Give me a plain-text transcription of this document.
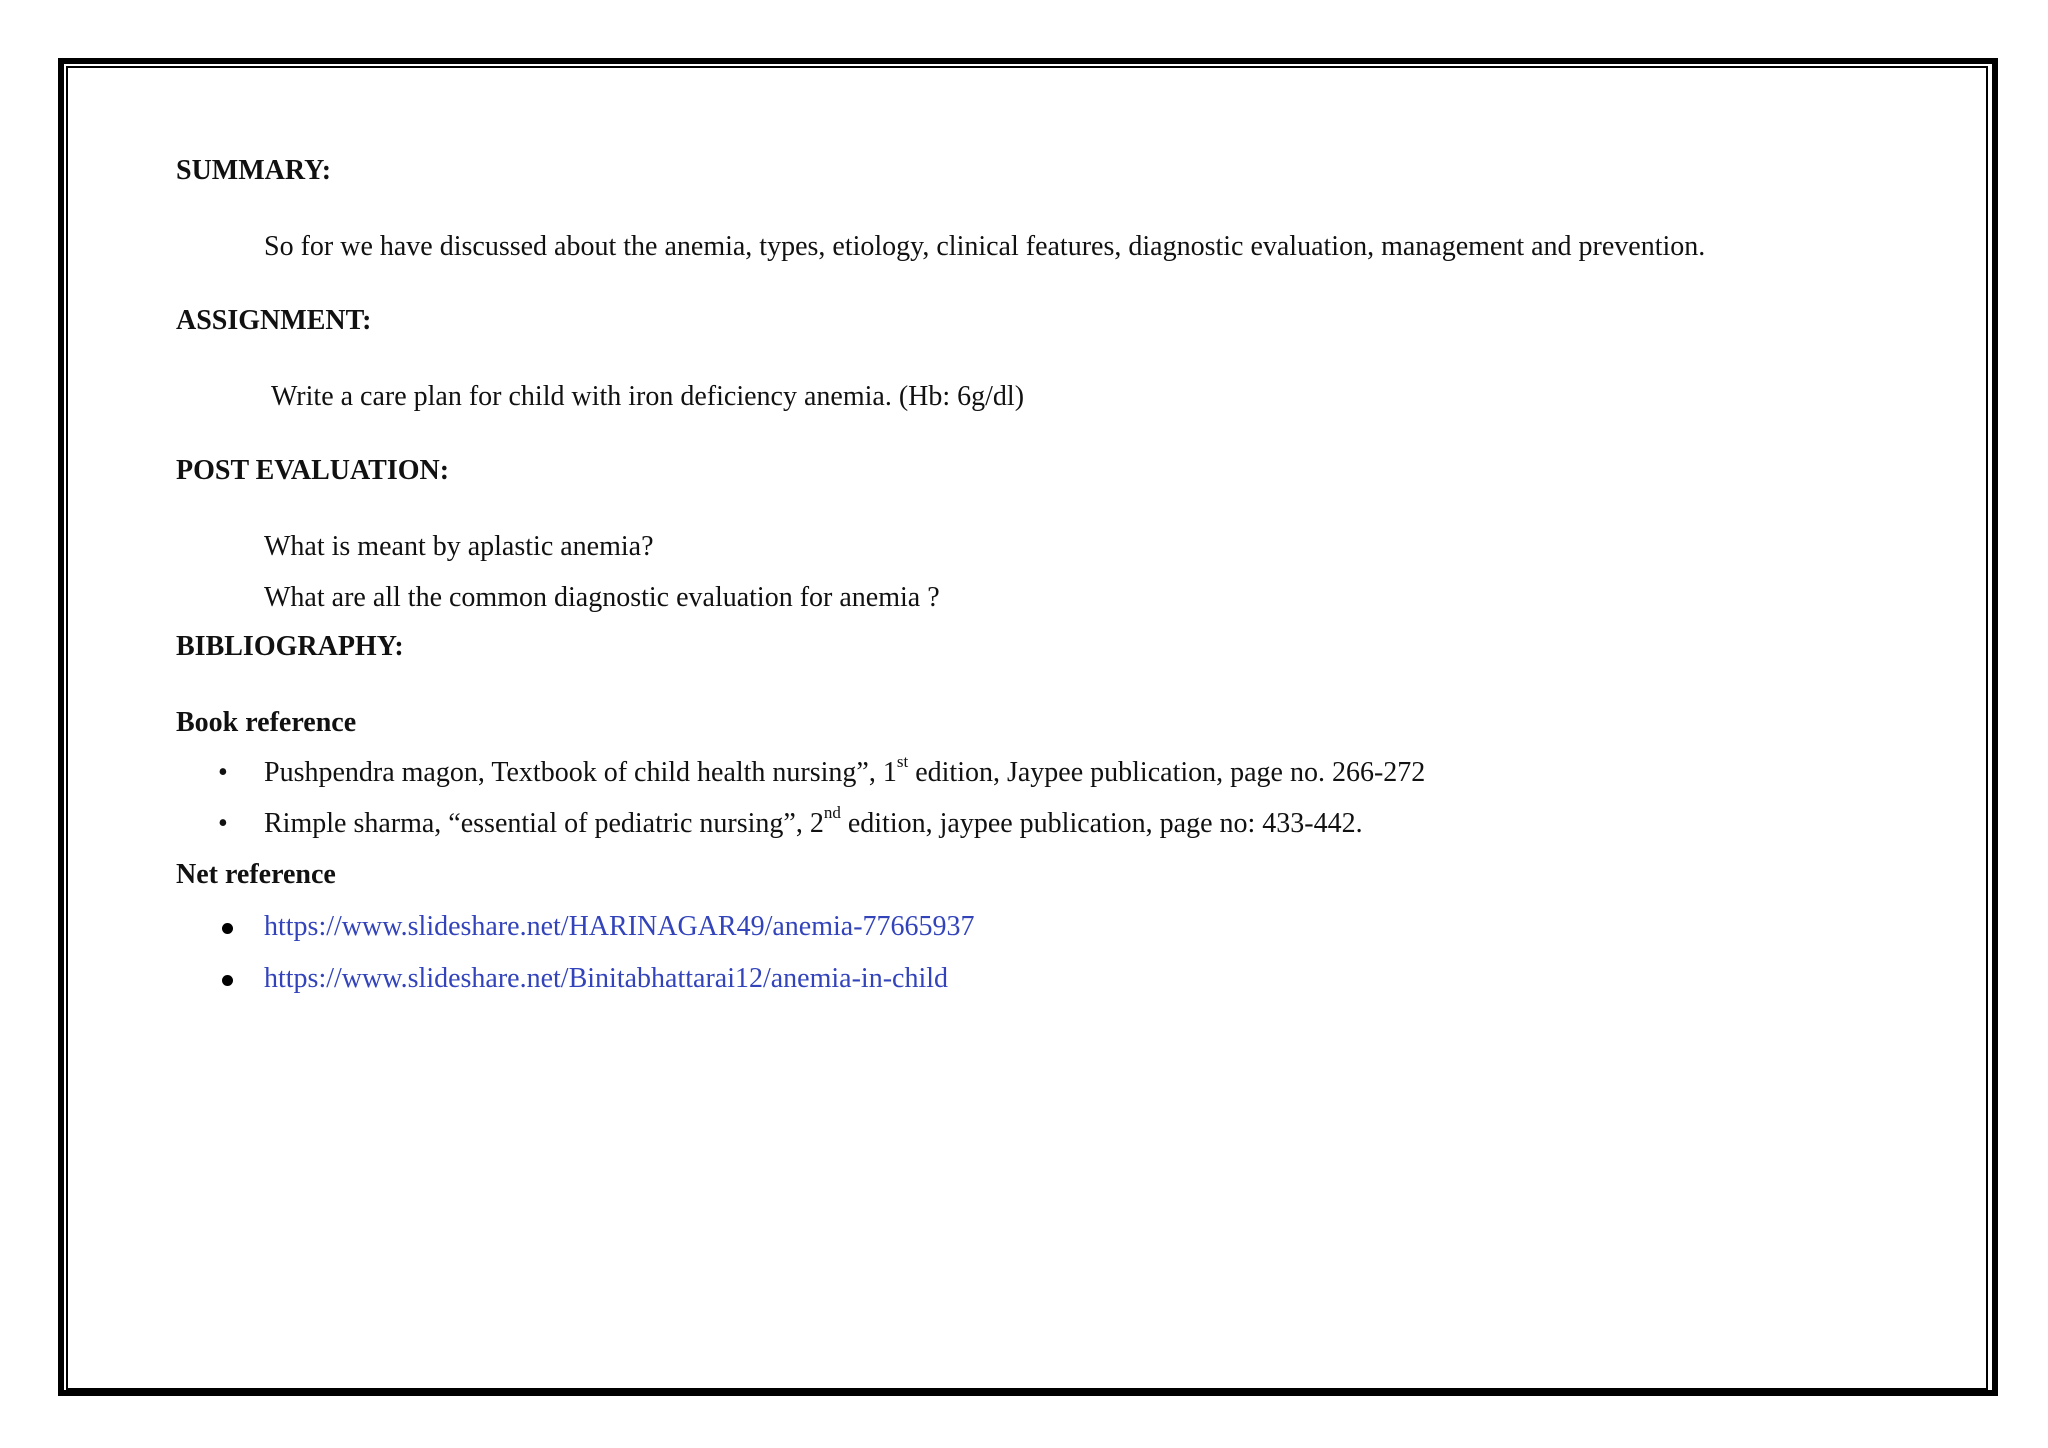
SUMMARY:
So for we have discussed about the anemia, types, etiology, clinical features, diagnostic evaluation, management and prevention.
ASSIGNMENT:
Write a care plan for child with iron deficiency anemia. (Hb: 6g/dl)
POST EVALUATION:
What is meant by aplastic anemia?
What are all the common diagnostic evaluation for anemia ?
BIBLIOGRAPHY:
Book reference
• Pushpendra magon, Textbook of child health nursing”, 1st edition, Jaypee publication, page no. 266-272
• Rimple sharma, “essential of pediatric nursing”, 2nd edition, jaypee publication, page no: 433-442.
Net reference
https://www.slideshare.net/HARINAGAR49/anemia-77665937
https://www.slideshare.net/Binitabhattarai12/anemia-in-child
